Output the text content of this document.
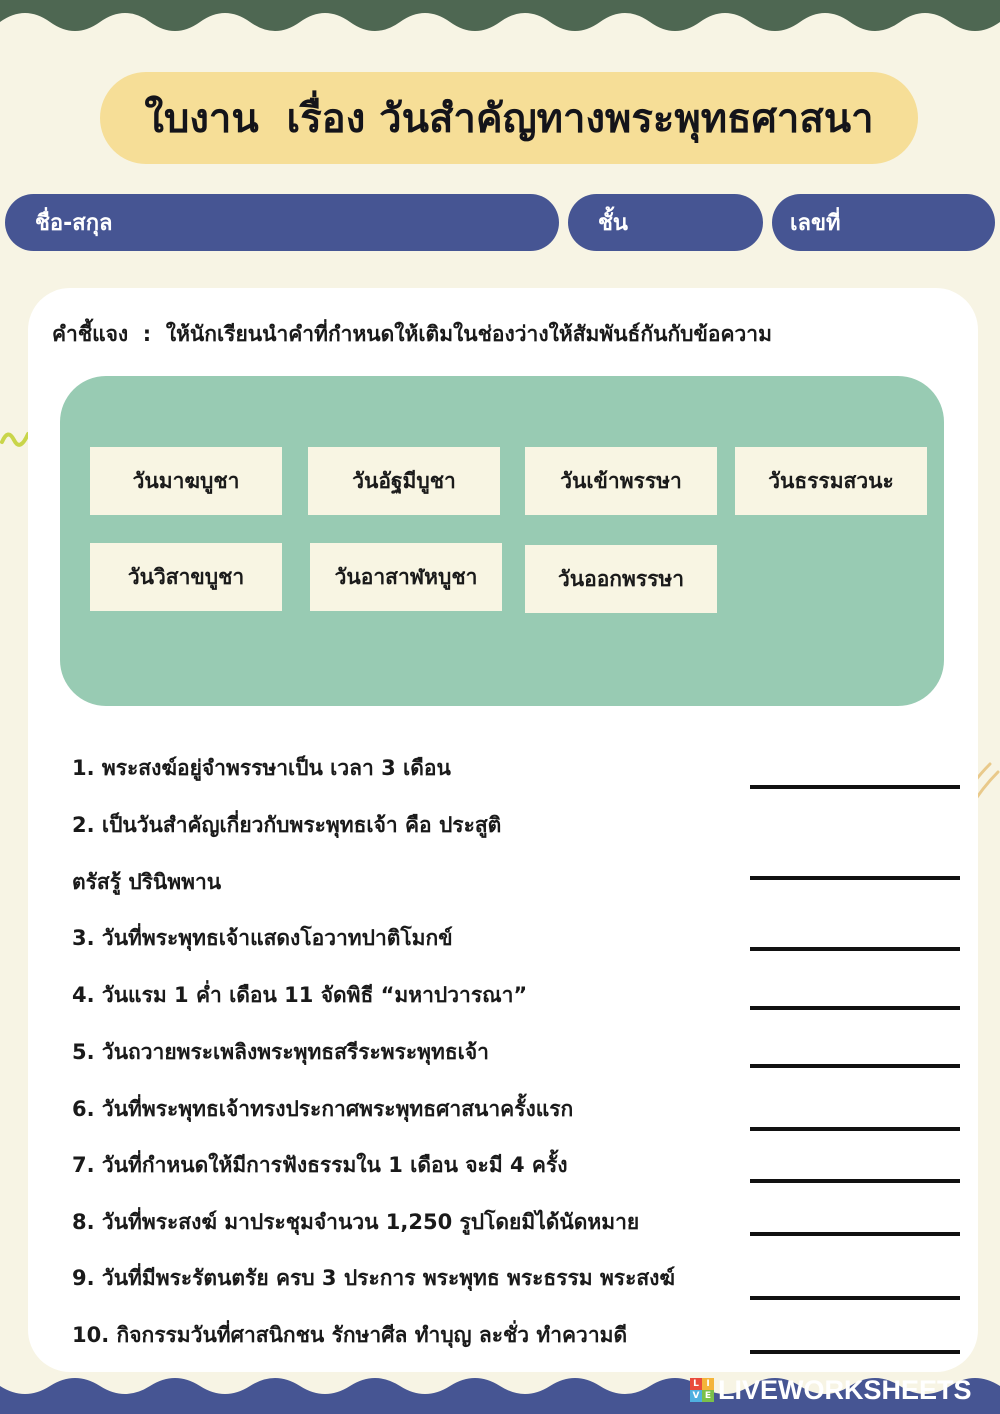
ใบงาน  เรื่อง วันสำคัญทางพระพุทธศาสนา
ชื่อ-สกุล	ชั้น	เลขที่
คำชี้แจง  :  ให้นักเรียนนำคำที่กำหนดให้เติมในช่องว่างให้สัมพันธ์กันกับข้อความ
วันมาฆบูชา	วันอัฐมีบูชา	วันเข้าพรรษา	วันธรรมสวนะ
วันวิสาขบูชา	วันอาสาฬหบูชา	วันออกพรรษา
1. พระสงฆ์อยู่จำพรรษาเป็น เวลา 3 เดือน
2. เป็นวันสำคัญเกี่ยวกับพระพุทธเจ้า คือ ประสูติ
ตรัสรู้ ปรินิพพาน
3. วันที่พระพุทธเจ้าแสดงโอวาทปาติโมกข์
4. วันแรม 1 ค่ำ เดือน 11 จัดพิธี “มหาปวารณา”
5. วันถวายพระเพลิงพระพุทธสรีระพระพุทธเจ้า
6. วันที่พระพุทธเจ้าทรงประกาศพระพุทธศาสนาครั้งแรก
7. วันที่กำหนดให้มีการฟังธรรมใน 1 เดือน จะมี 4 ครั้ง
8. วันที่พระสงฆ์ มาประชุมจำนวน 1,250 รูปโดยมิได้นัดหมาย
9. วันที่มีพระรัตนตรัย ครบ 3 ประการ พระพุทธ พระธรรม พระสงฆ์
10. กิจกรรมวันที่ศาสนิกชน รักษาศีล ทำบุญ ละชั่ว ทำความดี
L I
V E LIVEWORKSHEETS
